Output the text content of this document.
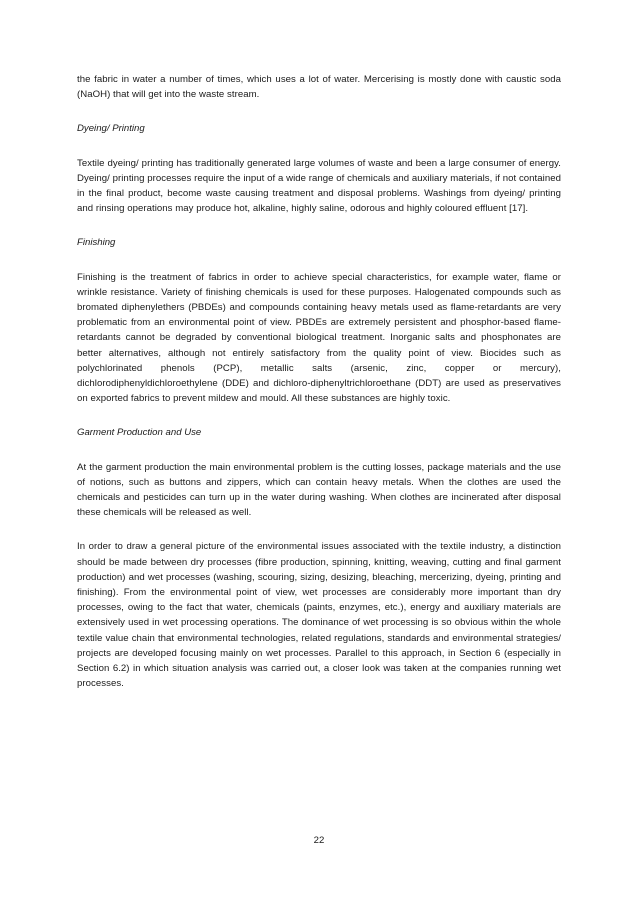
the fabric in water a number of times, which uses a lot of water. Mercerising is mostly done with caustic soda (NaOH) that will get into the waste stream.

Dyeing/ Printing

Textile dyeing/ printing has traditionally generated large volumes of waste and been a large consumer of energy. Dyeing/ printing processes require the input of a wide range of chemicals and auxiliary materials, if not contained in the final product, become waste causing treatment and disposal problems. Washings from dyeing/ printing and rinsing operations may produce hot, alkaline, highly saline, odorous and highly coloured effluent [17].

Finishing

Finishing is the treatment of fabrics in order to achieve special characteristics, for example water, flame or wrinkle resistance. Variety of finishing chemicals is used for these purposes. Halogenated compounds such as bromated diphenylethers (PBDEs) and compounds containing heavy metals used as flame-retardants are very problematic from an environmental point of view. PBDEs are extremely persistent and phosphor-based flame-retardants cannot be degraded by conventional biological treatment. Inorganic salts and phosphonates are better alternatives, although not entirely satisfactory from the quality point of view. Biocides such as polychlorinated phenols (PCP), metallic salts (arsenic, zinc, copper or mercury), dichlorodiphenyldichloroethylene (DDE) and dichloro-diphenyltrichloroethane (DDT) are used as preservatives on exported fabrics to prevent mildew and mould. All these substances are highly toxic.

Garment Production and Use

At the garment production the main environmental problem is the cutting losses, package materials and the use of notions, such as buttons and zippers, which can contain heavy metals. When the clothes are used the chemicals and pesticides can turn up in the water during washing. When clothes are incinerated after disposal these chemicals will be released as well.

In order to draw a general picture of the environmental issues associated with the textile industry, a distinction should be made between dry processes (fibre production, spinning, knitting, weaving, cutting and final garment production) and wet processes (washing, scouring, sizing, desizing, bleaching, mercerizing, dyeing, printing and finishing). From the environmental point of view, wet processes are considerably more important than dry processes, owing to the fact that water, chemicals (paints, enzymes, etc.), energy and auxiliary materials are extensively used in wet processing operations. The dominance of wet processing is so obvious within the whole textile value chain that environmental technologies, related regulations, standards and environmental strategies/ projects are developed focusing mainly on wet processes. Parallel to this approach, in Section 6 (especially in Section 6.2) in which situation analysis was carried out, a closer look was taken at the companies running wet processes.

22
